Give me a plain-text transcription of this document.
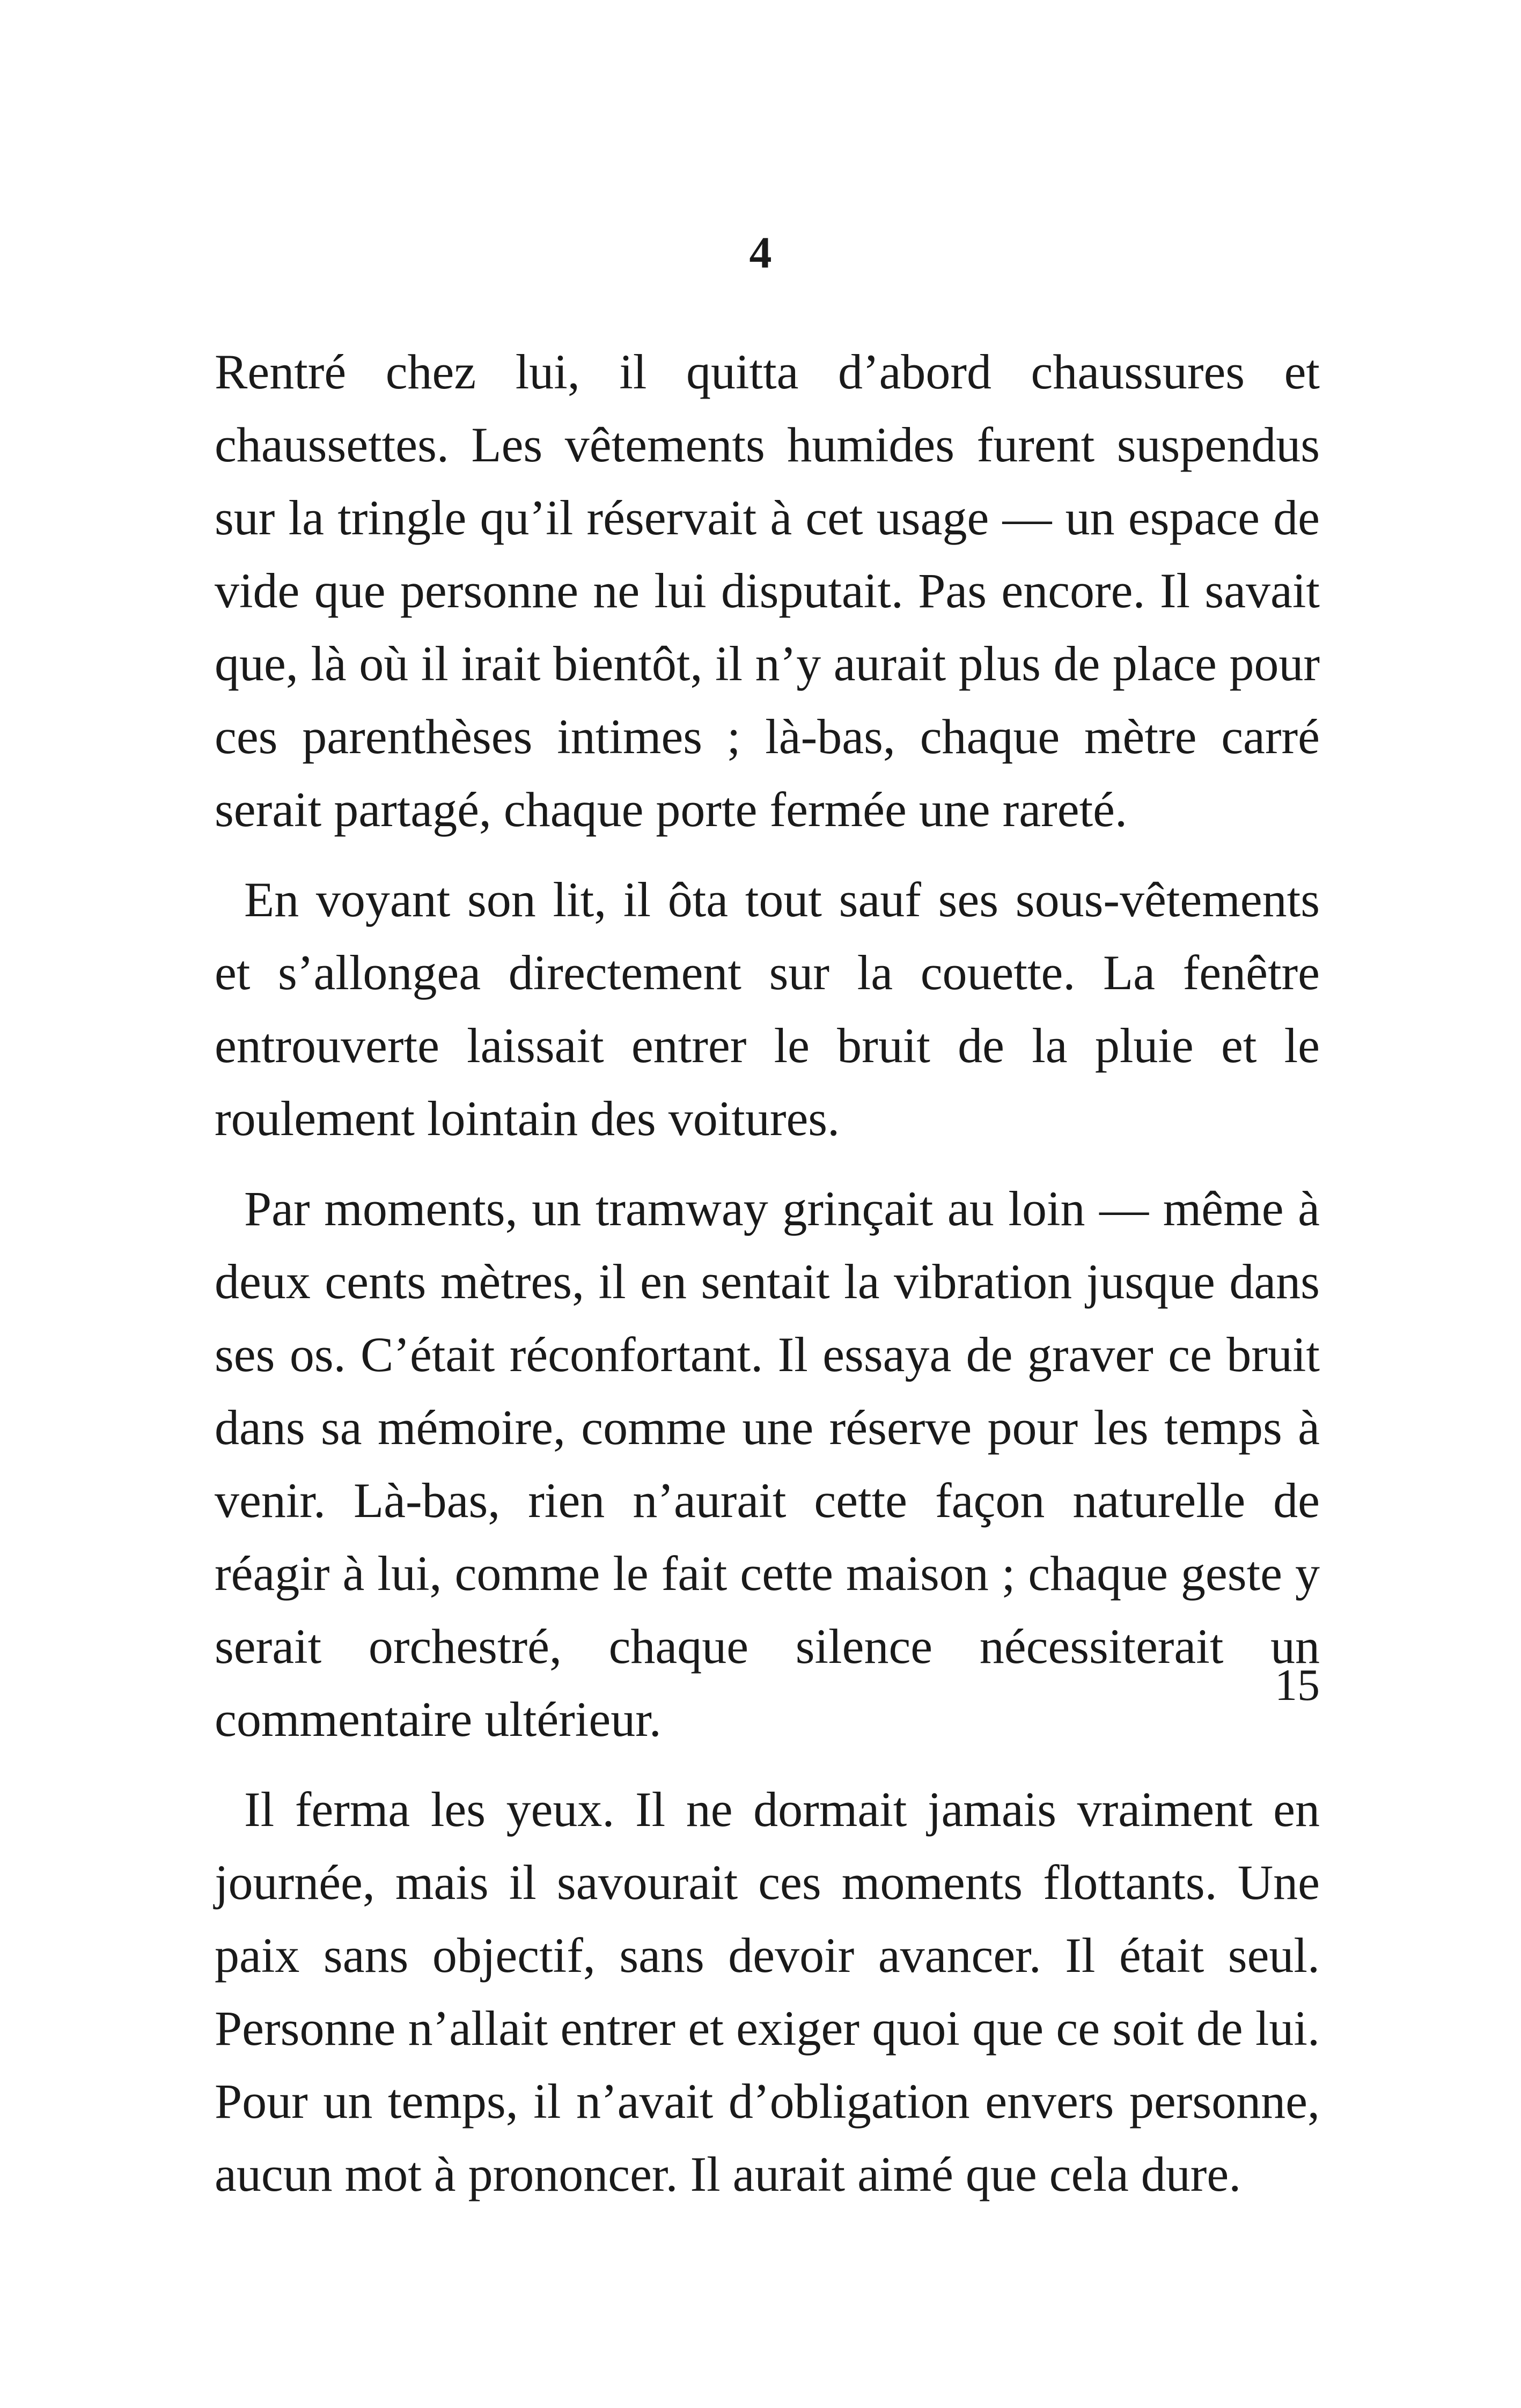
4

Rentré chez lui, il quitta d’abord chaussures et chaussettes. Les vêtements humides furent suspendus sur la tringle qu’il réservait à cet usage — un espace de vide que personne ne lui disputait. Pas encore. Il savait que, là où il irait bientôt, il n’y aurait plus de place pour ces parenthèses intimes ; là-bas, chaque mètre carré serait partagé, chaque porte fermée une rareté.

En voyant son lit, il ôta tout sauf ses sous-vêtements et s’allongea directement sur la couette. La fenêtre entrouverte laissait entrer le bruit de la pluie et le roulement lointain des voitures.

Par moments, un tramway grinçait au loin — même à deux cents mètres, il en sentait la vibration jusque dans ses os. C’était réconfortant. Il essaya de graver ce bruit dans sa mémoire, comme une réserve pour les temps à venir. Là-bas, rien n’aurait cette façon naturelle de réagir à lui, comme le fait cette maison ; chaque geste y serait orchestré, chaque silence nécessiterait un commentaire ultérieur.

Il ferma les yeux. Il ne dormait jamais vraiment en journée, mais il savourait ces moments flottants. Une paix sans objectif, sans devoir avancer. Il était seul. Personne n’allait entrer et exiger quoi que ce soit de lui. Pour un temps, il n’avait d’obligation envers personne, aucun mot à prononcer. Il aurait aimé que cela dure.

15
